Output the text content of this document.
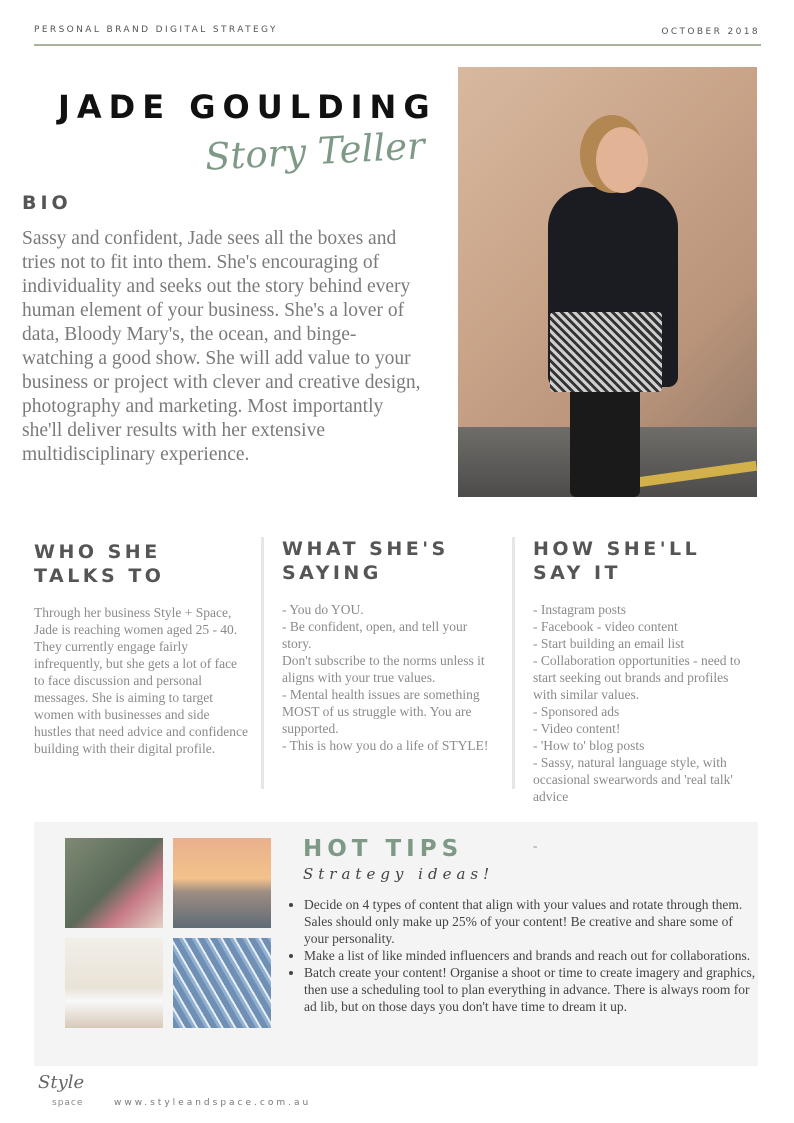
PERSONAL BRAND DIGITAL STRATEGY	OCTOBER 2018
JADE GOULDING
Story Teller
BIO
Sassy and confident, Jade sees all the boxes and tries not to fit into them. She's encouraging of individuality and seeks out the story behind every human element of your business. She's a lover of data, Bloody Mary's, the ocean, and binge-watching a good show. She will add value to your business or project with clever and creative design, photography and marketing. Most importantly she'll deliver results with her extensive multidisciplinary experience.
WHO SHE TALKS TO
Through her business Style + Space, Jade is reaching women aged 25 - 40. They currently engage fairly infrequently, but she gets a lot of face to face discussion and personal messages. She is aiming to target women with businesses and side hustles that need advice and confidence building with their digital profile.
WHAT SHE'S SAYING
- You do YOU.
- Be confident, open, and tell your story.
Don't subscribe to the norms unless it aligns with your true values.
- Mental health issues are something MOST of us struggle with. You are supported.
- This is how you do a life of STYLE!
HOW SHE'LL SAY IT
- Instagram posts
- Facebook - video content
- Start building an email list
- Collaboration opportunities - need to start seeking out brands and profiles with similar values.
- Sponsored ads
- Video content!
- 'How to' blog posts
- Sassy, natural language style, with occasional swearwords and 'real talk' advice
HOT TIPS
Strategy ideas!
-
• Decide on 4 types of content that align with your values and rotate through them. Sales should only make up 25% of your content! Be creative and share some of your personality.
• Make a list of like minded influencers and brands and reach out for collaborations.
• Batch create your content! Organise a shoot or time to create imagery and graphics, then use a scheduling tool to plan everything in advance. There is always room for ad lib, but on those days you don't have time to dream it up.
Style
space	www.styleandspace.com.au
